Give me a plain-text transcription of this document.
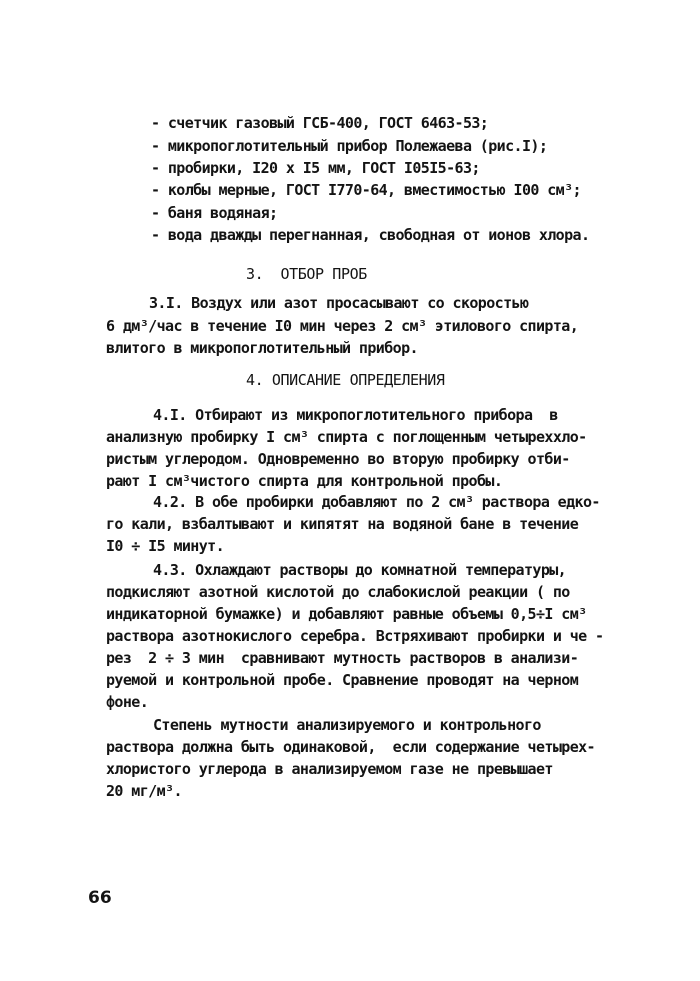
- счетчик газовый ГСБ-400, ГОСТ 6463-53;
- микропоглотительный прибор Полежаева (рис.I);
- пробирки, I20 х I5 мм, ГОСТ I05I5-63;
- колбы мерные, ГОСТ I770-64, вместимостью I00 см³;
- баня водяная;
- вода дважды перегнанная, свободная от ионов хлора.
3.  ОТБОР ПРОБ
3.I. Воздух или азот просасывают со скоростью
6 дм³/час в течение I0 мин через 2 см³ этилового спирта,
влитого в микропоглотительный прибор.
4. ОПИСАНИЕ ОПРЕДЕЛЕНИЯ
4.I. Отбирают из микропоглотительного прибора  в
анализную пробирку I см³ спирта с поглощенным четыреххло-
ристым углеродом. Одновременно во вторую пробирку отби-
рают I см³чистого спирта для контрольной пробы.
4.2. В обе пробирки добавляют по 2 см³ раствора едко-
го кали, взбалтывают и кипятят на водяной бане в течение
I0 ÷ I5 минут.
4.3. Охлаждают растворы до комнатной температуры,
подкисляют азотной кислотой до слабокислой реакции ( по
индикаторной бумажке) и добавляют равные объемы 0,5÷I см³
раствора азотнокислого серебра. Встряхивают пробирки и че -
рез  2 ÷ 3 мин  сравнивают мутность растворов в анализи-
руемой и контрольной пробе. Сравнение проводят на черном
фоне.
Степень мутности анализируемого и контрольного
раствора должна быть одинаковой,  если содержание четырех-
хлористого углерода в анализируемом газе не превышает
20 мг/м³.
66
